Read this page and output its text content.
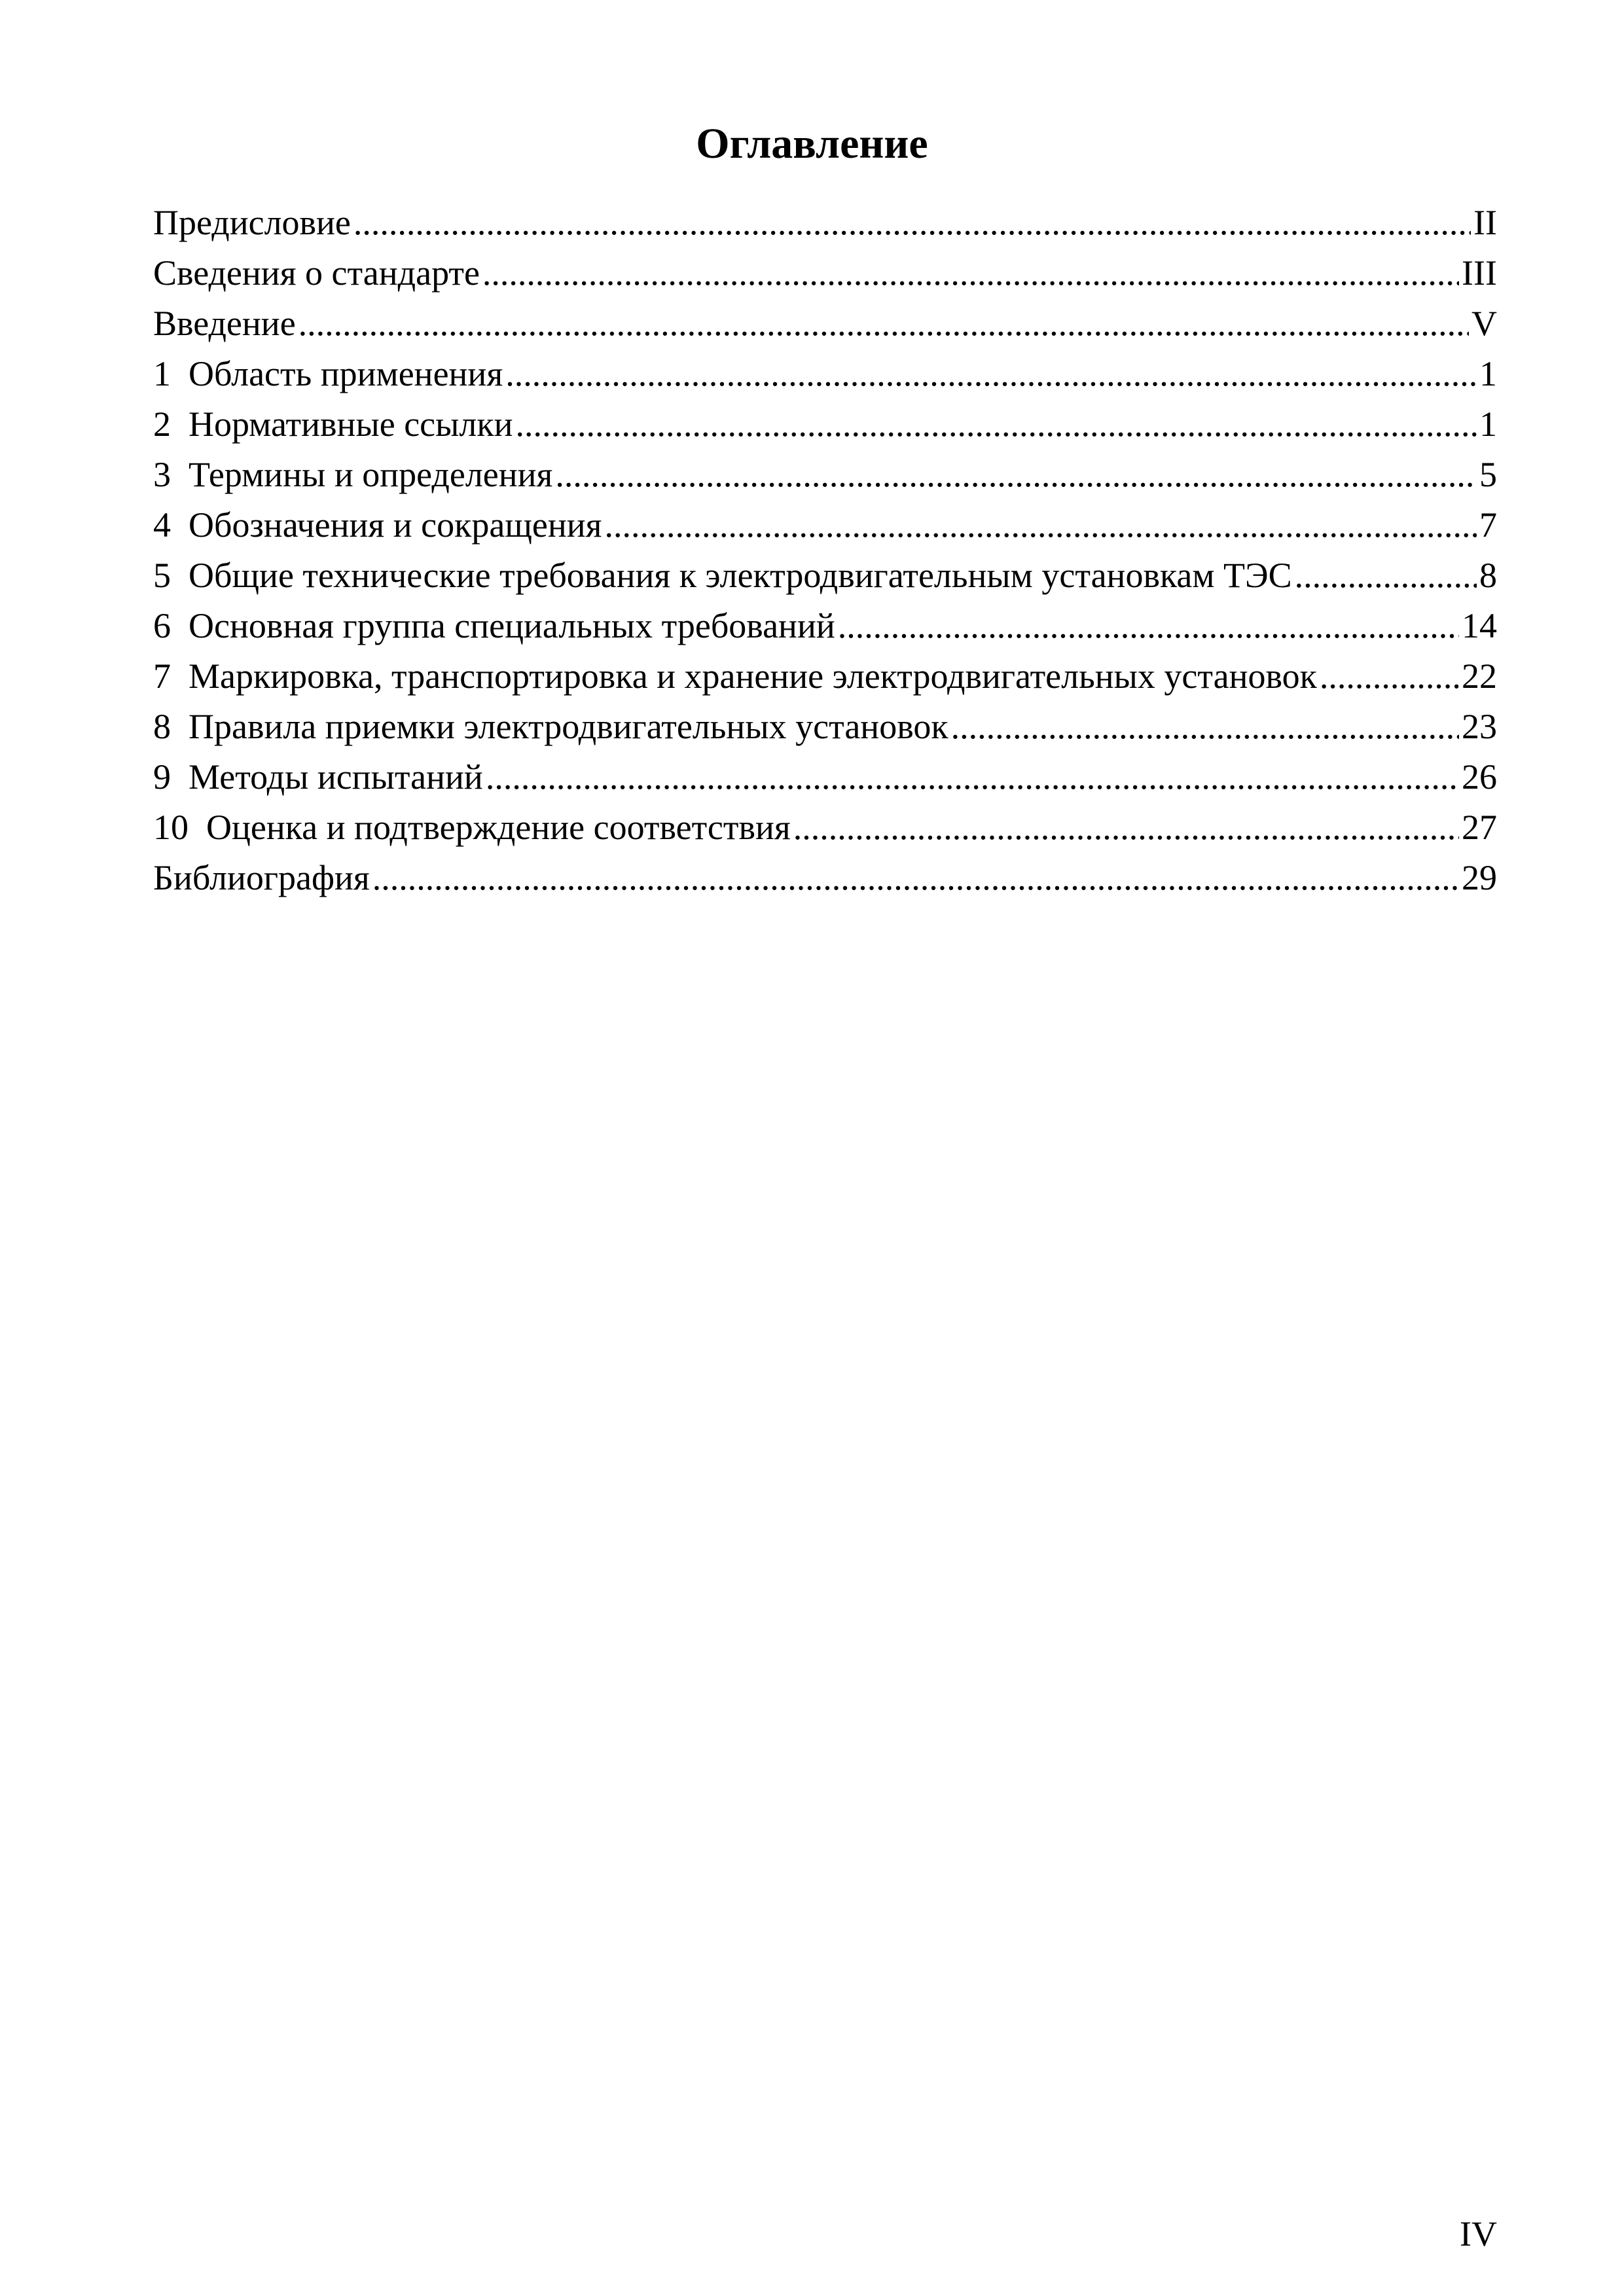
Оглавление
Предисловие .....	II
Сведения о стандарте .....	III
Введение .....	V
1  Область применения .....	1
2  Нормативные ссылки .....	1
3  Термины и определения .....	5
4  Обозначения и сокращения .....	7
5  Общие технические требования к электродвигательным установкам ТЭС .....	8
6  Основная группа специальных требований .....	14
7  Маркировка, транспортировка и хранение электродвигательных установок .....	22
8  Правила приемки электродвигательных установок .....	23
9  Методы испытаний .....	26
10  Оценка и подтверждение соответствия .....	27
Библиография .....	29

IV
